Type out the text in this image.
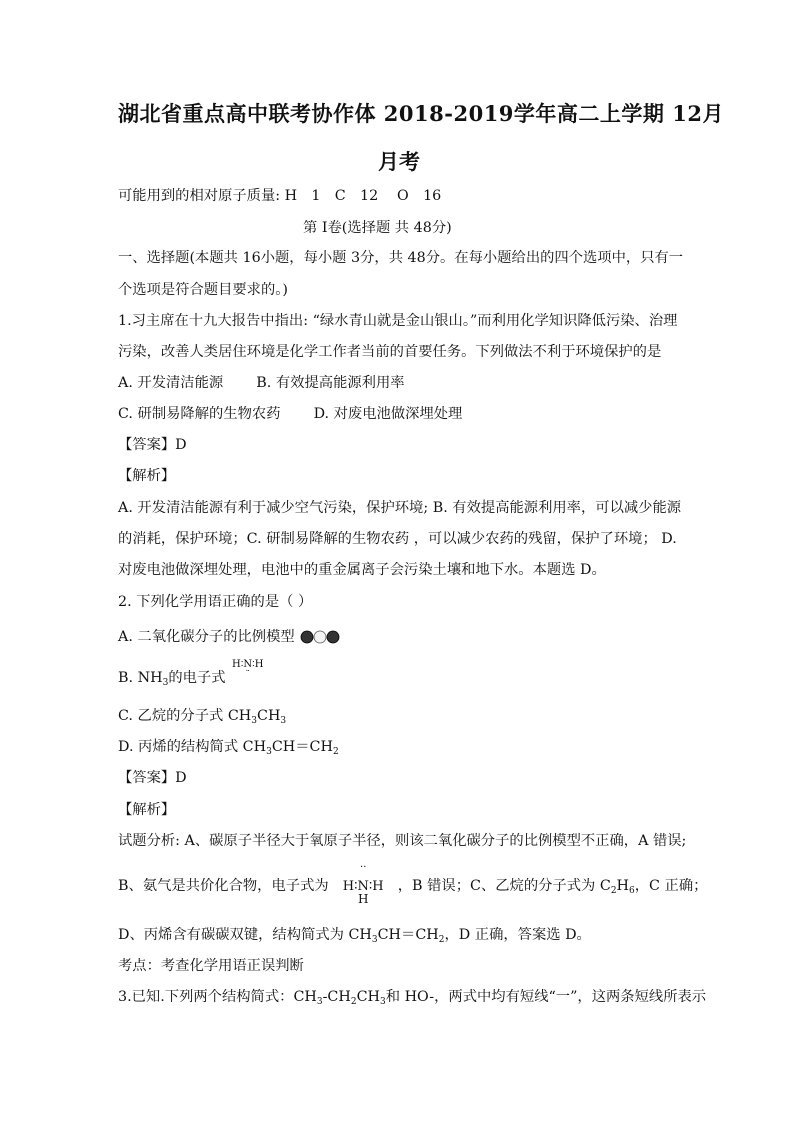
湖北省重点高中联考协作体 2018-2019学年高二上学期 12月
月考
可能用到的相对原子质量: H　1　C　12　 O　16
第 I卷(选择题 共 48分)
一、选择题(本题共 16小题，每小题 3分，共 48分。在每小题给出的四个选项中，只有一
个选项是符合题目要求的。)
1.习主席在十九大报告中指出: “绿水青山就是金山银山。”而利用化学知识降低污染、治理
污染，改善人类居住环境是化学工作者当前的首要任务。下列做法不利于环境保护的是
A. 开发清洁能源 B. 有效提高能源利用率
C. 研制易降解的生物农药 D. 对废电池做深埋处理
【答案】D
【解析】
A. 开发清洁能源有利于减少空气污染，保护环境; B. 有效提高能源利用率，可以减少能源
的消耗，保护环境；C. 研制易降解的生物农药 ，可以减少农药的残留，保护了环境； D.
对废电池做深埋处理，电池中的重金属离子会污染土壤和地下水。本题选 D。
2. 下列化学用语正确的是（ ）
A. 二氧化碳分子的比例模型
B. $NH_3$的电子式
H∶N∶H
¨
C. 乙烷的分子式 $CH_3CH_3$
D. 丙烯的结构简式 $CH_3CH=CH_2$
【答案】D
【解析】
试题分析: A、碳原子半径大于氧原子半径，则该二氧化碳分子的比例模型不正确，A 错误;
B、氨气是共价化合物，电子式为
··
H∶N∶H
H
，B 错误；C、乙烷的分子式为 $C_2H_6$，C 正确；
D、丙烯含有碳碳双键，结构简式为 $CH_3CH=CH_2$，D 正确，答案选 D。
考点：考查化学用语正误判断
3.已知.下列两个结构简式：$CH_3-CH_2CH_3$和 HO-，两式中均有短线“一”，这两条短线所表示
